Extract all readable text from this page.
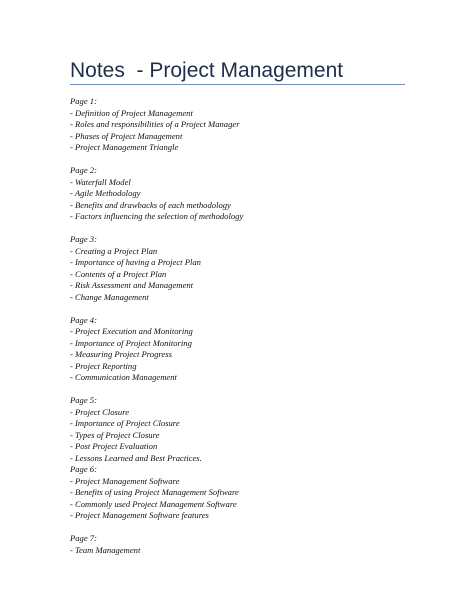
Notes  - Project Management
Page 1:
- Definition of Project Management
- Roles and responsibilities of a Project Manager
- Phases of Project Management
- Project Management Triangle
Page 2:
- Waterfall Model
- Agile Methodology
- Benefits and drawbacks of each methodology
- Factors influencing the selection of methodology
Page 3:
- Creating a Project Plan
- Importance of having a Project Plan
- Contents of a Project Plan
- Risk Assessment and Management
- Change Management
Page 4:
- Project Execution and Monitoring
- Importance of Project Monitoring
- Measuring Project Progress
- Project Reporting
- Communication Management
Page 5:
- Project Closure
- Importance of Project Closure
- Types of Project Closure
- Post Project Evaluation
- Lessons Learned and Best Practices.
Page 6:
- Project Management Software
- Benefits of using Project Management Software
- Commonly used Project Management Software
- Project Management Software features
Page 7:
- Team Management
